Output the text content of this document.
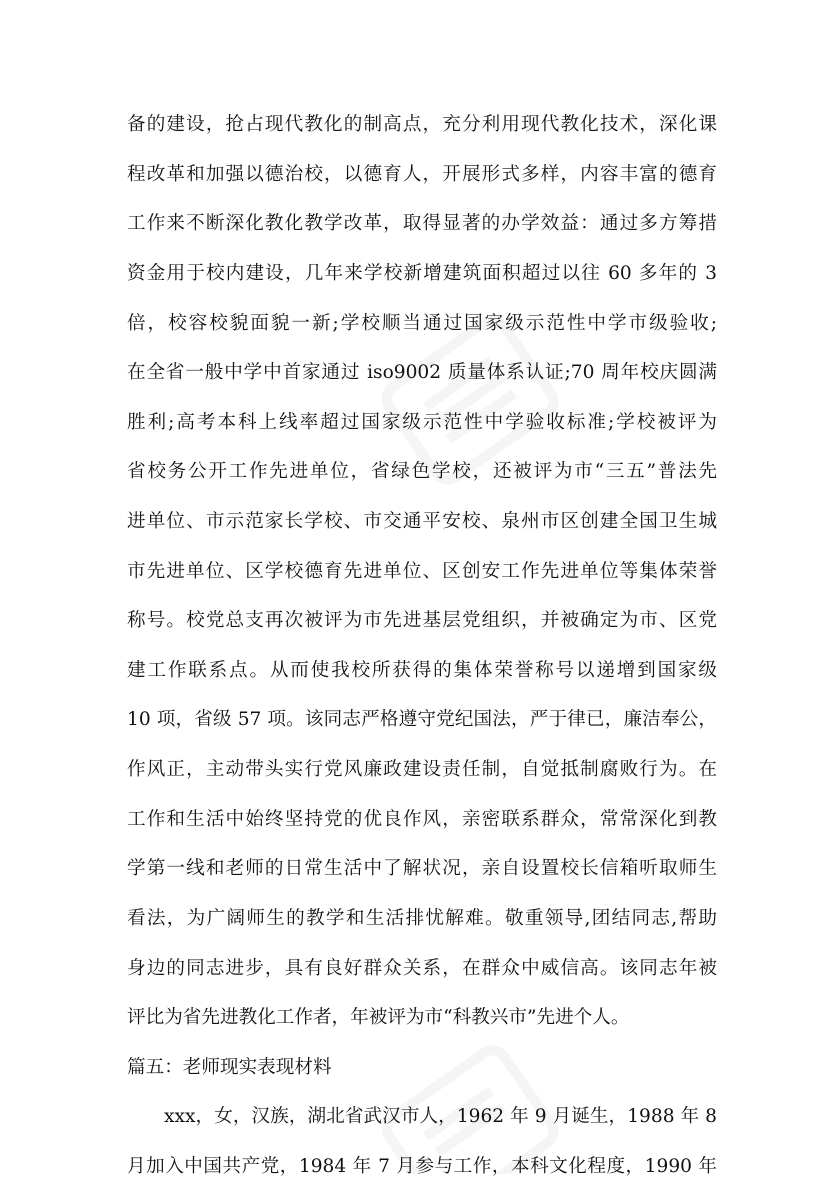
备的建设，抢占现代教化的制高点，充分利用现代教化技术，深化课
程改革和加强以德治校，以德育人，开展形式多样，内容丰富的德育
工作来不断深化教化教学改革，取得显著的办学效益：通过多方筹措
资金用于校内建设，几年来学校新增建筑面积超过以往 60 多年的 3
倍，校容校貌面貌一新;学校顺当通过国家级示范性中学市级验收;
在全省一般中学中首家通过 iso9002 质量体系认证;70 周年校庆圆满
胜利;高考本科上线率超过国家级示范性中学验收标准;学校被评为
省校务公开工作先进单位，省绿色学校，还被评为市“三五”普法先
进单位、市示范家长学校、市交通平安校、泉州市区创建全国卫生城
市先进单位、区学校德育先进单位、区创安工作先进单位等集体荣誉
称号。校党总支再次被评为市先进基层党组织，并被确定为市、区党
建工作联系点。从而使我校所获得的集体荣誉称号以递增到国家级
10 项，省级 57 项。该同志严格遵守党纪国法，严于律已，廉洁奉公，
作风正，主动带头实行党风廉政建设责任制，自觉抵制腐败行为。在
工作和生活中始终坚持党的优良作风，亲密联系群众，常常深化到教
学第一线和老师的日常生活中了解状况，亲自设置校长信箱听取师生
看法，为广阔师生的教学和生活排忧解难。敬重领导,团结同志,帮助
身边的同志进步，具有良好群众关系，在群众中威信高。该同志年被
评比为省先进教化工作者，年被评为市“科教兴市”先进个人。
篇五：老师现实表现材料
xxx，女，汉族，湖北省武汉市人，1962 年 9 月诞生，1988 年 8
月加入中国共产党，1984 年 7 月参与工作，本科文化程度，1990 年
